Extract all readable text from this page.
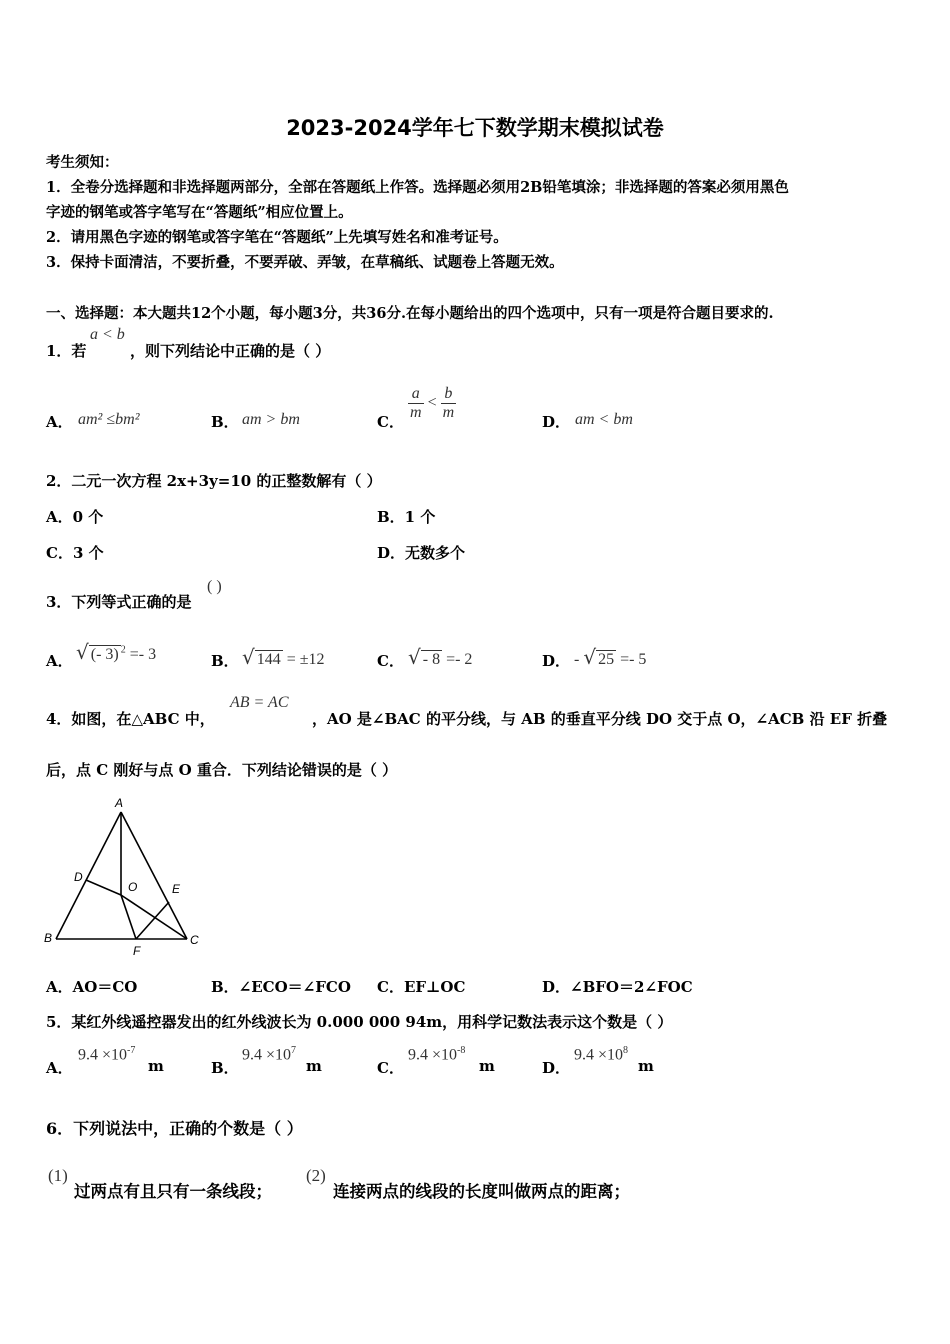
2023-2024学年七下数学期末模拟试卷
考生须知：
1．全卷分选择题和非选择题两部分，全部在答题纸上作答。选择题必须用2B铅笔填涂；非选择题的答案必须用黑色
字迹的钢笔或答字笔写在“答题纸”相应位置上。
2．请用黑色字迹的钢笔或答字笔在“答题纸”上先填写姓名和准考证号。
3．保持卡面清洁，不要折叠，不要弄破、弄皱，在草稿纸、试题卷上答题无效。
一、选择题：本大题共12个小题，每小题3分，共36分.在每小题给出的四个选项中，只有一项是符合题目要求的.
1．若
a < b
，则下列结论中正确的是（ ）
A． am² ≤bm²	B． am > bm	C． $\frac{a}{m} < \frac{b}{m}$	D． am < bm
2．二元一次方程 2x+3y=10 的正整数解有（ ）
A．0 个	B．1 个
C．3 个	D．无数多个
3．下列等式正确的是
( )
A． √ (- 3) $^2$ =- 3	B． √ 144 = ±12	C． √ - 8 =- 2	D． - √ 25 =- 5
4．如图，在△ABC 中，
AB = AC
，AO 是∠BAC 的平分线，与 AB 的垂直平分线 DO 交于点 O，∠ACB 沿 EF 折叠
后，点 C 刚好与点 O 重合．下列结论错误的是（ ）
A
B	C
D
E
F
O
A．AO＝CO	B．∠ECO＝∠FCO C．EF⊥OC	D．∠BFO＝2∠FOC
5．某红外线遥控器发出的红外线波长为 0.000 000 94m，用科学记数法表示这个数是（ ）
A．
$9.4 \times 10^{-7}$
m	B．
$9.4 \times 10^7$
m	C．
$9.4 \times 10^{-8}$
m	D．
$9.4 \times 10^8$
m
6．下列说法中，正确的个数是（ ）
(1)
过两点有且只有一条线段；
(2)
连接两点的线段的长度叫做两点的距离；
